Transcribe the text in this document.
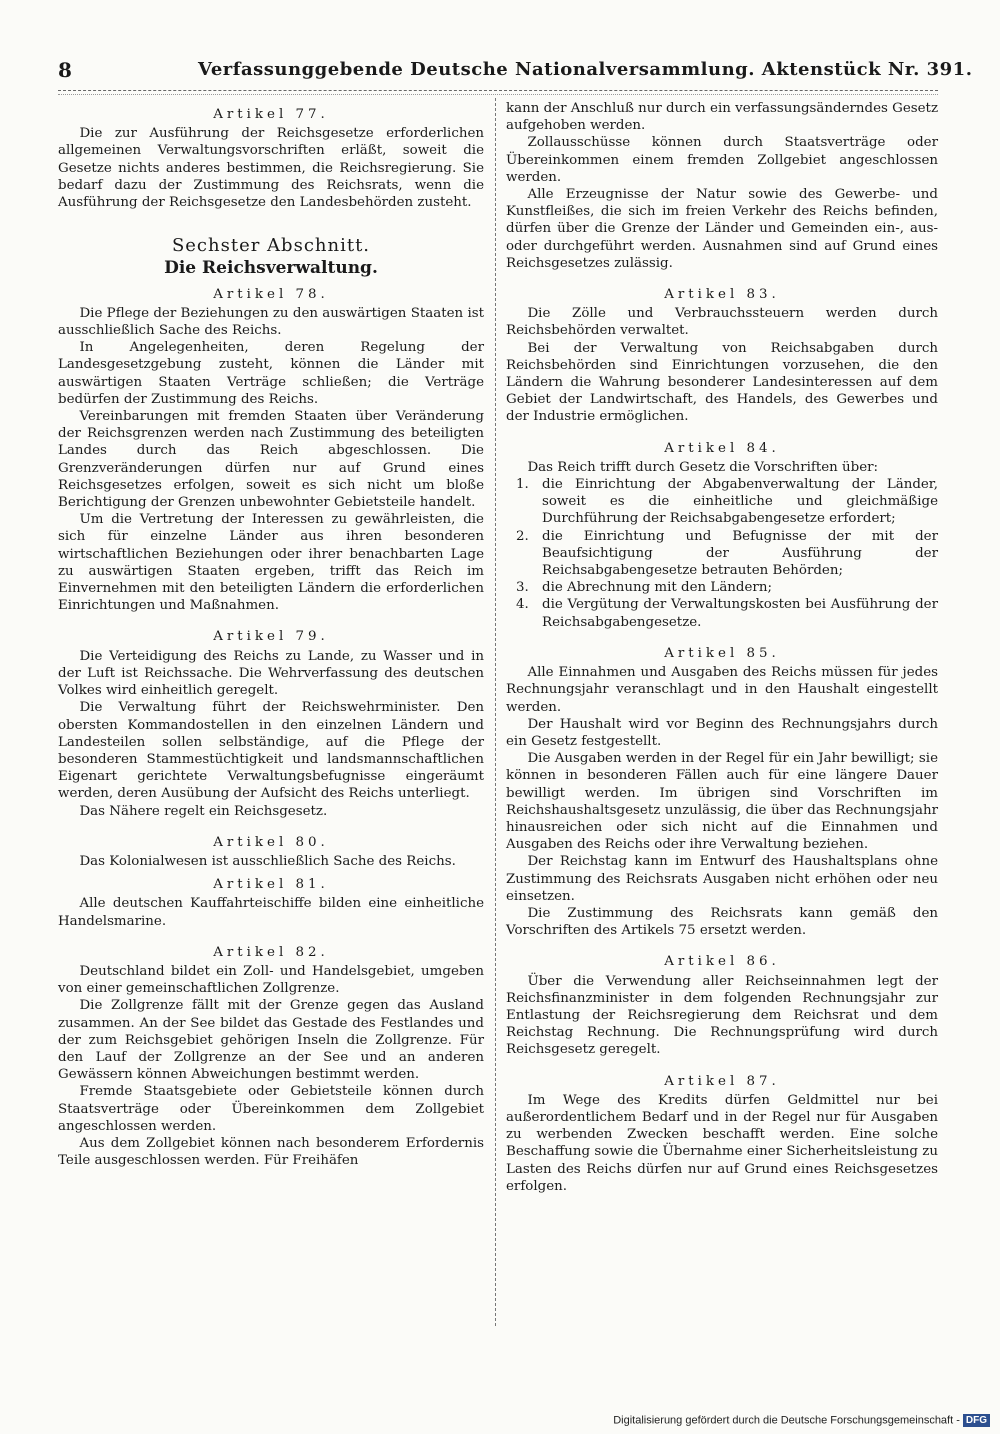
8	Verfassunggebende Deutsche Nationalversammlung. Aktenstück Nr. 391.
Artikel 77.

Die zur Ausführung der Reichsgesetze erforderlichen allgemeinen Verwaltungsvorschriften erläßt, soweit die Gesetze nichts anderes bestimmen, die Reichsregierung. Sie bedarf dazu der Zustimmung des Reichsrats, wenn die Ausführung der Reichsgesetze den Landesbehörden zusteht.

Sechster Abschnitt.
Die Reichsverwaltung.
Artikel 78.

Die Pflege der Beziehungen zu den auswärtigen Staaten ist ausschließlich Sache des Reichs.

In Angelegenheiten, deren Regelung der Landesgesetzgebung zusteht, können die Länder mit auswärtigen Staaten Verträge schließen; die Verträge bedürfen der Zustimmung des Reichs.

Vereinbarungen mit fremden Staaten über Veränderung der Reichsgrenzen werden nach Zustimmung des beteiligten Landes durch das Reich abgeschlossen. Die Grenzveränderungen dürfen nur auf Grund eines Reichsgesetzes erfolgen, soweit es sich nicht um bloße Berichtigung der Grenzen unbewohnter Gebietsteile handelt.

Um die Vertretung der Interessen zu gewährleisten, die sich für einzelne Länder aus ihren besonderen wirtschaftlichen Beziehungen oder ihrer benachbarten Lage zu auswärtigen Staaten ergeben, trifft das Reich im Einvernehmen mit den beteiligten Ländern die erforderlichen Einrichtungen und Maßnahmen.

Artikel 79.

Die Verteidigung des Reichs zu Lande, zu Wasser und in der Luft ist Reichssache. Die Wehrverfassung des deutschen Volkes wird einheitlich geregelt.

Die Verwaltung führt der Reichswehrminister. Den obersten Kommandostellen in den einzelnen Ländern und Landesteilen sollen selbständige, auf die Pflege der besonderen Stammestüchtigkeit und landsmannschaftlichen Eigenart gerichtete Verwaltungsbefugnisse eingeräumt werden, deren Ausübung der Aufsicht des Reichs unterliegt.

Das Nähere regelt ein Reichsgesetz.

Artikel 80.

Das Kolonialwesen ist ausschließlich Sache des Reichs.

Artikel 81.

Alle deutschen Kauffahrteischiffe bilden eine einheitliche Handelsmarine.

Artikel 82.

Deutschland bildet ein Zoll- und Handelsgebiet, umgeben von einer gemeinschaftlichen Zollgrenze.

Die Zollgrenze fällt mit der Grenze gegen das Ausland zusammen. An der See bildet das Gestade des Festlandes und der zum Reichsgebiet gehörigen Inseln die Zollgrenze. Für den Lauf der Zollgrenze an der See und an anderen Gewässern können Abweichungen bestimmt werden.

Fremde Staatsgebiete oder Gebietsteile können durch Staatsverträge oder Übereinkommen dem Zollgebiet angeschlossen werden.

Aus dem Zollgebiet können nach besonderem Erfordernis Teile ausgeschlossen werden. Für Freihäfen

kann der Anschluß nur durch ein verfassungsänderndes Gesetz aufgehoben werden.

Zollausschüsse können durch Staatsverträge oder Übereinkommen einem fremden Zollgebiet angeschlossen werden.

Alle Erzeugnisse der Natur sowie des Gewerbe- und Kunstfleißes, die sich im freien Verkehr des Reichs befinden, dürfen über die Grenze der Länder und Gemeinden ein-, aus- oder durchgeführt werden. Ausnahmen sind auf Grund eines Reichsgesetzes zulässig.

Artikel 83.

Die Zölle und Verbrauchssteuern werden durch Reichsbehörden verwaltet.

Bei der Verwaltung von Reichsabgaben durch Reichsbehörden sind Einrichtungen vorzusehen, die den Ländern die Wahrung besonderer Landesinteressen auf dem Gebiet der Landwirtschaft, des Handels, des Gewerbes und der Industrie ermöglichen.

Artikel 84.

Das Reich trifft durch Gesetz die Vorschriften über:

1. die Einrichtung der Abgabenverwaltung der Länder, soweit es die einheitliche und gleichmäßige Durchführung der Reichsabgabengesetze erfordert;
2. die Einrichtung und Befugnisse der mit der Beaufsichtigung der Ausführung der Reichsabgabengesetze betrauten Behörden;
3. die Abrechnung mit den Ländern;
4. die Vergütung der Verwaltungskosten bei Ausführung der Reichsabgabengesetze.
Artikel 85.

Alle Einnahmen und Ausgaben des Reichs müssen für jedes Rechnungsjahr veranschlagt und in den Haushalt eingestellt werden.

Der Haushalt wird vor Beginn des Rechnungsjahrs durch ein Gesetz festgestellt.

Die Ausgaben werden in der Regel für ein Jahr bewilligt; sie können in besonderen Fällen auch für eine längere Dauer bewilligt werden. Im übrigen sind Vorschriften im Reichshaushaltsgesetz unzulässig, die über das Rechnungsjahr hinausreichen oder sich nicht auf die Einnahmen und Ausgaben des Reichs oder ihre Verwaltung beziehen.

Der Reichstag kann im Entwurf des Haushaltsplans ohne Zustimmung des Reichsrats Ausgaben nicht erhöhen oder neu einsetzen.

Die Zustimmung des Reichsrats kann gemäß den Vorschriften des Artikels 75 ersetzt werden.

Artikel 86.

Über die Verwendung aller Reichseinnahmen legt der Reichsfinanzminister in dem folgenden Rechnungsjahr zur Entlastung der Reichsregierung dem Reichsrat und dem Reichstag Rechnung. Die Rechnungsprüfung wird durch Reichsgesetz geregelt.

Artikel 87.

Im Wege des Kredits dürfen Geldmittel nur bei außerordentlichem Bedarf und in der Regel nur für Ausgaben zu werbenden Zwecken beschafft werden. Eine solche Beschaffung sowie die Übernahme einer Sicherheitsleistung zu Lasten des Reichs dürfen nur auf Grund eines Reichsgesetzes erfolgen.

Digitalisierung gefördert durch die Deutsche Forschungsgemeinschaft - DFG
